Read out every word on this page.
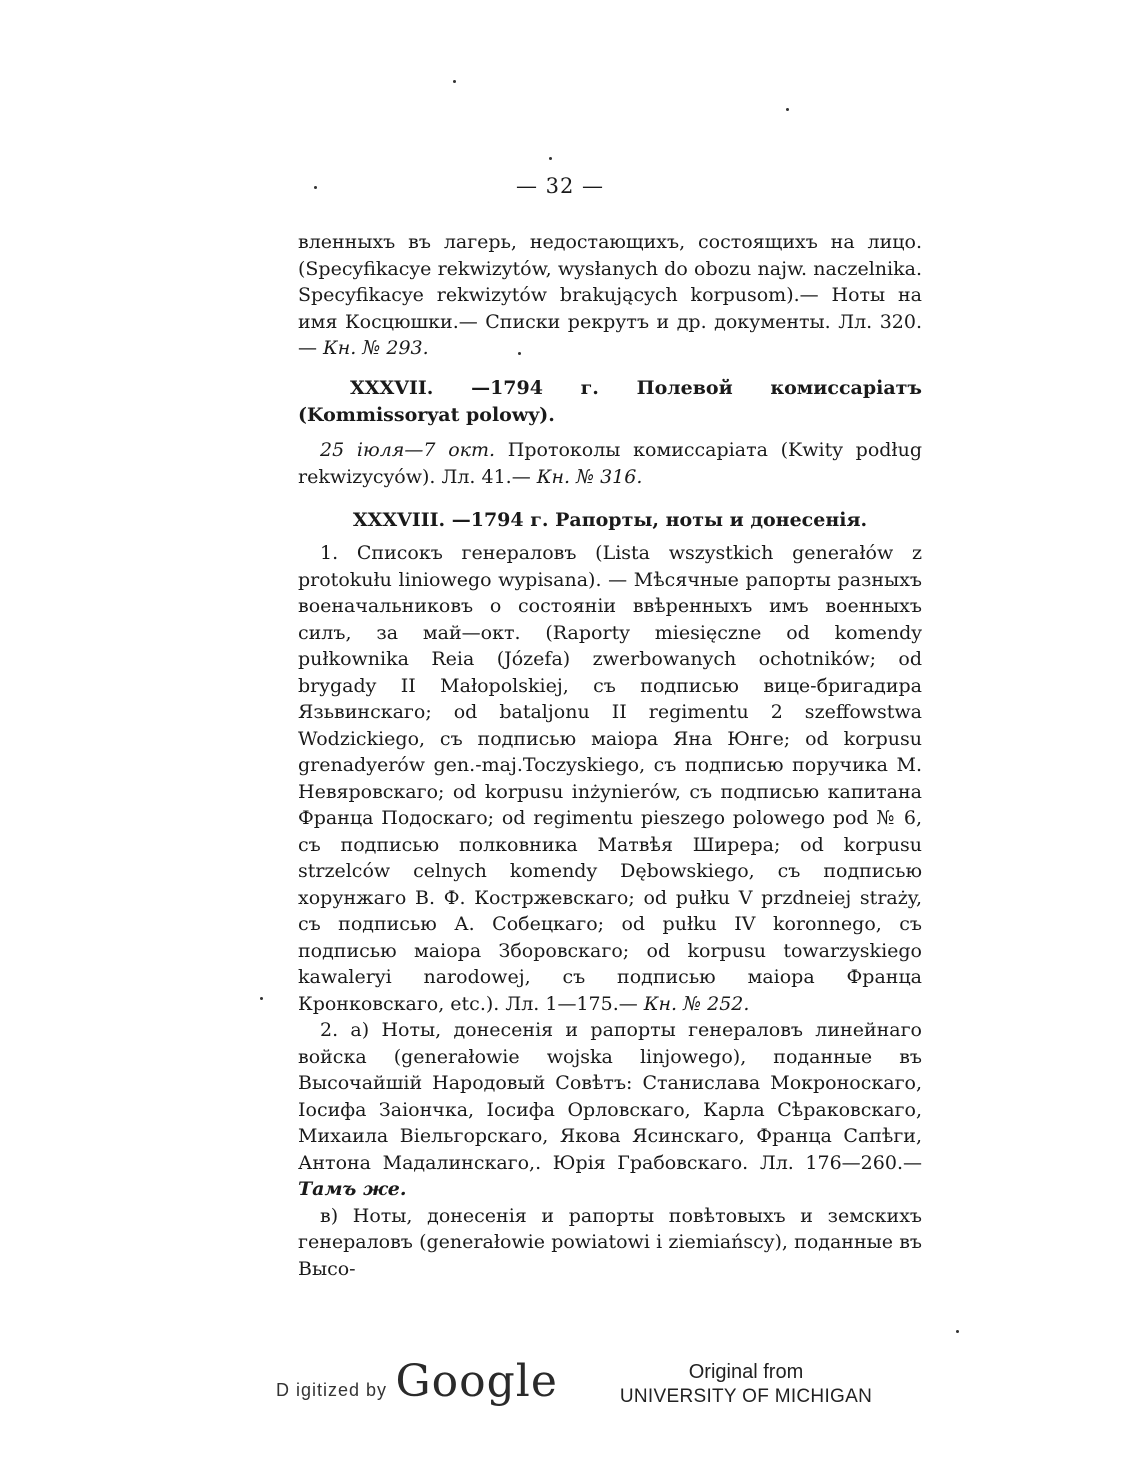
— 32 —

вленныхъ въ лагерь, недостающихъ, состоящихъ на лицо. (Specyfikacye rekwizytów, wysłanych do obozu najw. naczelnika. Specyfikacye rekwizytów brakujących korpusom).— Ноты на имя Косцюшки.— Списки рекрутъ и др. документы. Лл. 320.— Кн. № 293.

XXXVII. —1794 г. Полевой комиссаріатъ (Kommissoryat polowy).

25 іюля—7 окт. Протоколы комиссаріата (Kwity podług rekwizycyów). Лл. 41.— Кн. № 316.

XXXVIII. —1794 г. Рапорты, ноты и донесенія.

1. Списокъ генераловъ (Lista wszystkich generałów z protokułu liniowego wypisana). — Мѣсячные рапорты разныхъ военачальниковъ о состояніи ввѣренныхъ имъ военныхъ силъ, за май—окт. (Raporty miesięczne od komendy pułkownika Reia (Józefa) zwerbowanych ochotników; od brygady II Małopolskiej, съ подписью вице-бригадира Язьвинскаго; od bataljonu II regimentu 2 szeffowstwa Wodzickiego, съ подписью маіора Яна Юнге; od korpusu grenadyerów gen.-maj.Toczyskiego, съ подписью поручика М. Невяровскаго; od korpusu inżynierów, съ подписью капитана Франца Подоскаго; od regimentu pieszego polowego pod № 6, съ подписью полковника Матвѣя Ширера; od korpusu strzelców celnych komendy Dębowskiego, съ подписью хорунжаго В. Ф. Костржевскаго; od pułku V przdneiej straży, съ подписью А. Собецкаго; od pułku IV koronnego, съ подписью маіора Зборовскаго; od korpusu towarzyskiego kawaleryi narodowej, съ подписью маіора Франца Кронковскаго, etc.). Лл. 1—175.— Кн. № 252.

2. a) Ноты, донесенія и рапорты генераловъ линейнаго войска (generałowie wojska linjowego), поданные въ Высочайшій Народовый Совѣтъ: Станислава Мокроноскаго, Іосифа Заіончка, Іосифа Орловскаго, Карла Сѣраковскаго, Михаила Віельгорскаго, Якова Ясинскаго, Франца Сапѣги, Антона Мадалинскаго,. Юрія Грабовскаго. Лл. 176—260.— Тамъ же.

в) Ноты, донесенія и рапорты повѣтовыхъ и земскихъ генераловъ (generałowie powiatowi i ziemiańscy), поданные въ Высо-

D igitized by Google	Original from
UNIVERSITY OF MICHIGAN
